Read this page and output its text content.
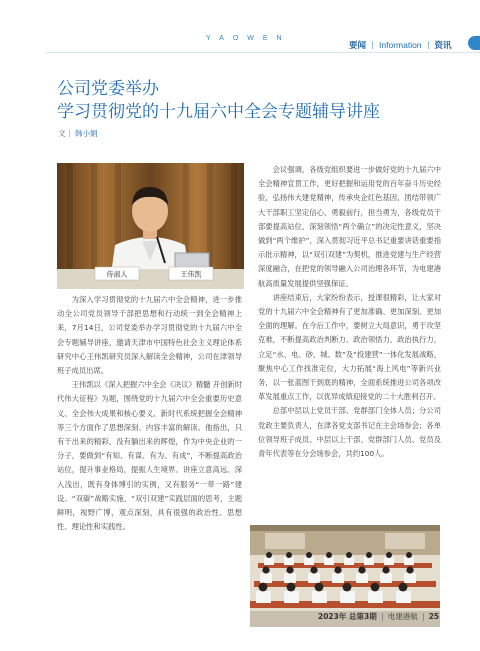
YAOWEN
要闻 Information 资讯
公司党委举办
学习贯彻党的十九届六中全会专题辅导讲座
文｜ 韩小娟
侍淑人	王伟凯

为深入学习贯彻党的十九届六中全会精神，进一步推动全公司党员领导干部把思想和行动统一到全会精神上来，7月14日，公司党委举办学习贯彻党的十九届六中全会专题辅导讲座，邀请天津市中国特色社会主义理论体系研究中心王伟凯研究员深入解读全会精神，公司在津领导班子成员出席。

王伟凯以《深入把握六中全会《决议》精髓 开创新时代伟大征程》为题，围绕党的十九届六中全会重要历史意义、全会伟大成果和核心要义、新时代系统把握全会精神等三个方面作了思想深刻、内容丰富的解读。他指出，只有干出来的精彩，没有躺出来的辉煌，作为中央企业的一分子，要做到“有知、有谋、有为、有成”，不断提高政治站位，提升事业格局，提振人生境界。讲座立意高远、深入浅出，既有身体博引的实例，又有服务“一带一路”建设、“双碳”战略实施、“双引双建”实践层面的思考，主题鲜明，视野广博，观点深刻，具有很强的政治性、思想性、理论性和实践性。

会议强调，各级党组织要进一步做好党的十九届六中全会精神宣贯工作，更好把握和运用党的百年奋斗历史经验，弘扬伟大建党精神，传承央企红色基因，团结带领广大干部职工坚定信心、勇毅前行，担当勇为，各级党员干部要提高站位，深刻领悟“两个确立”的决定性意义，坚决做到“两个维护”，深入贯彻习近平总书记重要讲话重要指示批示精神，以“双引双建”为契机，推进党建与生产经营深度融合，在把党的领导融入公司治理各环节，为电建港航高质量发展提供坚强保证。

讲座结束后，大家纷纷表示，授课很精彩，让大家对党的十九届六中全会精神有了更加准确、更加深刻、更加全面的理解。在今后工作中，要树立大局意识，勇于攻坚克难，不断提高政治判断力、政治领悟力、政治执行力，立足“水、电、砂、城、数”及“投建营”一体化发展战略，聚焦中心工作找准定位，大力拓展“海上风电”等新兴业务，以一张蓝图干到底的精神，全面系统推进公司各项改革发展重点工作，以优异成绩迎接党的二十大胜利召开。

总部中层以上党员干部、党群部门全体人员；分公司党政主要负责人，在津各党支部书记在主会场参会；各单位领导班子成员、中层以上干部、党群部门人员、党员及青年代表等在分会场参会，共约100人。

2023年 总第3期 电建港航 25
